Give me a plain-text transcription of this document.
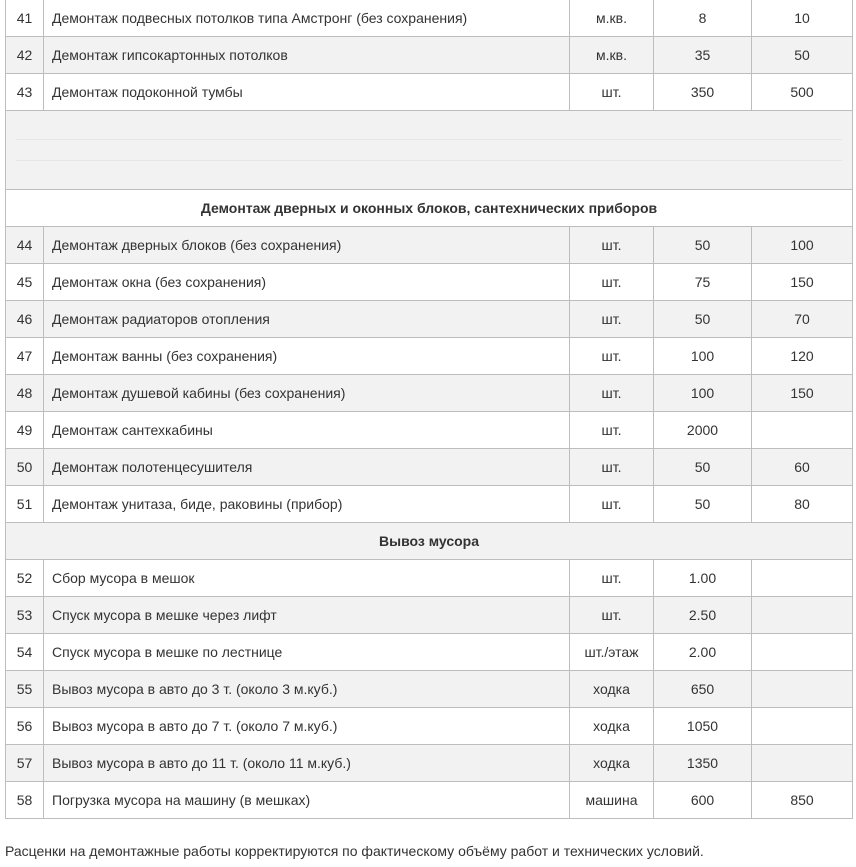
41	Демонтаж подвесных потолков типа Амстронг (без сохранения)	м.кв.	8	10
42	Демонтаж гипсокартонных потолков	м.кв.	35	50
43	Демонтаж подоконной тумбы	шт.	350	500

Демонтаж дверных и оконных блоков, сантехнических приборов				
44	Демонтаж дверных блоков (без сохранения)	шт.	50	100
45	Демонтаж окна (без сохранения)	шт.	75	150
46	Демонтаж радиаторов отопления	шт.	50	70
47	Демонтаж ванны (без сохранения)	шт.	100	120
48	Демонтаж душевой кабины (без сохранения)	шт.	100	150
49	Демонтаж сантехкабины	шт.	2000	
50	Демонтаж полотенцесушителя	шт.	50	60
51	Демонтаж унитаза, биде, раковины (прибор)	шт.	50	80
Вывоз мусора				
52	Сбор мусора в мешок	шт.	1.00	
53	Спуск мусора в мешке через лифт	шт.	2.50	
54	Спуск мусора в мешке по лестнице	шт./этаж	2.00	
55	Вывоз мусора в авто до 3 т. (около 3 м.куб.)	ходка	650	
56	Вывоз мусора в авто до 7 т. (около 7 м.куб.)	ходка	1050	
57	Вывоз мусора в авто до 11 т. (около 11 м.куб.)	ходка	1350	
58	Погрузка мусора на машину (в мешках)	машина	600	850
Расценки на демонтажные работы корректируются по фактическому объёму работ и технических условий.
